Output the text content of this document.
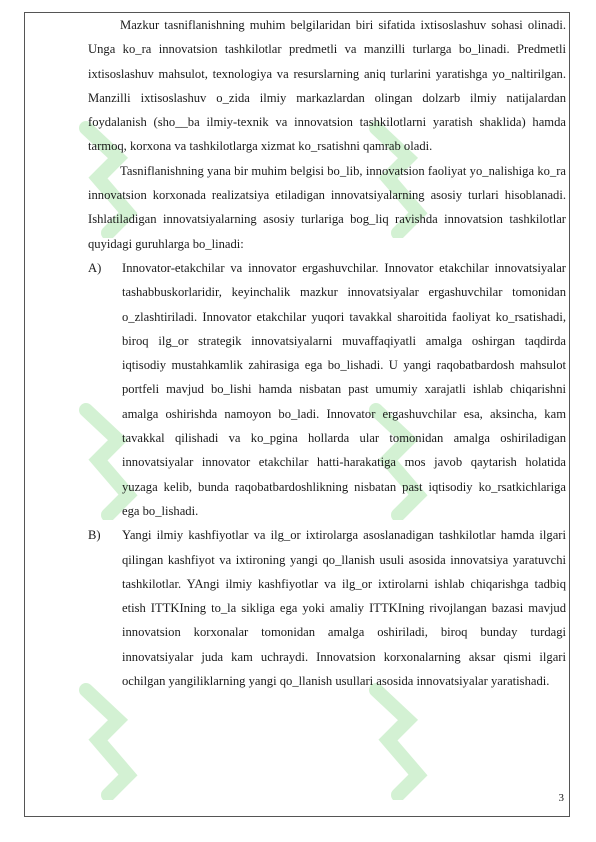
Mazkur tasniflanishning muhim belgilaridan biri sifatida ixtisoslashuv sohasi olinadi. Unga ko_ra innovatsion tashkilotlar predmetli va manzilli turlarga bo_linadi. Predmetli ixtisoslashuv mahsulot, texnologiya va resurslarning aniq turlarini yaratishga yo_naltirilgan. Manzilli ixtisoslashuv o_zida ilmiy markazlardan olingan dolzarb ilmiy natijalardan foydalanish (sho__ba ilmiy-texnik va innovatsion tashkilotlarni yaratish shaklida) hamda tarmoq, korxona va tashkilotlarga xizmat ko_rsatishni qamrab oladi.

Tasniflanishning yana bir muhim belgisi bo_lib, innovatsion faoliyat yo_nalishiga ko_ra innovatsion korxonada realizatsiya etiladigan innovatsiyalarning asosiy turlari hisoblanadi. Ishlatiladigan innovatsiyalarning asosiy turlariga bog_liq ravishda innovatsion tashkilotlar quyidagi guruhlarga bo_linadi:

A)	Innovator-etakchilar va innovator ergashuvchilar. Innovator etakchilar innovatsiyalar tashabbuskorlaridir, keyinchalik mazkur innovatsiyalar ergashuvchilar tomonidan o_zlashtiriladi. Innovator etakchilar yuqori tavakkal sharoitida faoliyat ko_rsatishadi, biroq ilg_or strategik innovatsiyalarni muvaffaqiyatli amalga oshirgan taqdirda iqtisodiy mustahkamlik zahirasiga ega bo_lishadi. U yangi raqobatbardosh mahsulot portfeli mavjud bo_lishi hamda nisbatan past umumiy xarajatli ishlab chiqarishni amalga oshirishda namoyon bo_ladi. Innovator ergashuvchilar esa, aksincha, kam tavakkal qilishadi va ko_pgina hollarda ular tomonidan amalga oshiriladigan innovatsiyalar innovator etakchilar hatti-harakatiga mos javob qaytarish holatida yuzaga kelib, bunda raqobatbardoshlikning nisbatan past iqtisodiy ko_rsatkichlariga ega bo_lishadi.
B)	Yangi ilmiy kashfiyotlar va ilg_or ixtirolarga asoslanadigan tashkilotlar hamda ilgari qilingan kashfiyot va ixtironing yangi qo_llanish usuli asosida innovatsiya yaratuvchi tashkilotlar. YAngi ilmiy kashfiyotlar va ilg_or ixtirolarni ishlab chiqarishga tadbiq etish ITTKIning to_la sikliga ega yoki amaliy ITTKIning rivojlangan bazasi mavjud innovatsion korxonalar tomonidan amalga oshiriladi, biroq bunday turdagi innovatsiyalar juda kam uchraydi. Innovatsion korxonalarning aksar qismi ilgari ochilgan yangiliklarning yangi qo_llanish usullari asosida innovatsiyalar yaratishadi.
3
